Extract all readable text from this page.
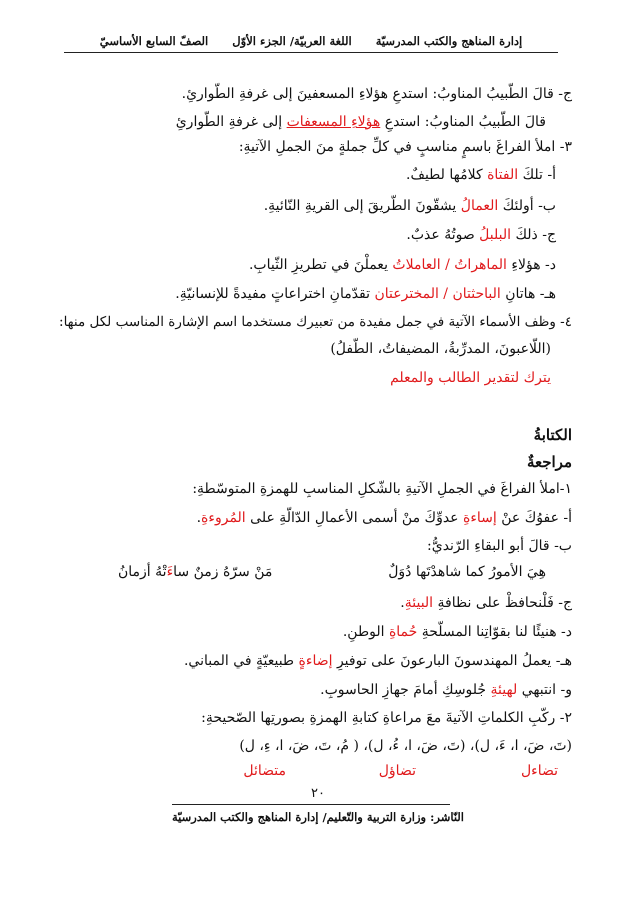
إدارة المناهج والكتب المدرسيّة      اللغة العربيّة/ الجزء الأوّل      الصفّ السابع الأساسيّ
ج- قالَ الطّبيبُ المناوبُ: استدعِ هؤلاءِ المسعفينَ إلى غرفةِ الطّوارئِ.
قالَ الطّبيبُ المناوبُ: استدعِ هؤلاءِ المسعفات إلى غرفةِ الطّوارئِ
٣- املأ الفراغَ باسمٍ مناسبٍ في كلِّ جملةٍ منَ الجملِ الآتيةِ:
أ- تلكَ الفتاة كلامُها لطيفٌ.
ب- أولئكَ العمالُ يشقّونَ الطّريقَ إلى القريةِ النّائيةِ.
ج- ذلكَ البلبلُ صوتُهُ عذبٌ.
د- هؤلاءِ الماهراتُ / العاملاتُ يعملْنَ في تطريزِ الثّيابِ.
هـ- هاتانِ الباحثتان / المخترعتان تقدّمانِ اختراعاتٍ مفيدةً للإنسانيّةِ.
٤- وظف الأسماء الآتية في جمل مفيدة من تعبيرك مستخدما اسم الإشارة المناسب لكل منها:
(اللّاعبونَ، المدرِّبةُ، المضيفاتُ، الطّفلُ)
يترك لتقدير الطالب والمعلم
الكتابةُ
مراجعةٌ
١-املأ الفراغَ في الجملِ الآتيةِ بالشّكلِ المناسبِ للهمزةِ المتوسّطةِ:
أ- عفوُكَ عنْ إساءةِ عدوِّكَ منْ أسمى الأعمالِ الدّالّةِ على المُروءةِ.
ب- قالَ أبو البقاءِ الرّنديُّ:
هِيَ الأمورُ كما شاهدْتَها دُوَلٌ
مَنْ سرّهُ زمنٌ ساءَتْهُ أزمانُ
ج- فَلْنحافظْ على نظافةِ البيئةِ.
د- هنيئًا لنا بقوّاتِنا المسلّحةِ حُماةِ الوطنِ.
هـ- يعملُ المهندسونَ البارعونَ على توفيرِ إضاءةٍ طبيعيّةٍ في المباني.
و- انتبهي لهيئةِ جُلوسِكِ أمامَ جهازِ الحاسوبِ.
٢- ركّبِ الكلماتِ الآتيةَ معَ مراعاةِ كتابةِ الهمزةِ بصورتِها الصّحيحةِ:
(تَ، ضَ، ا، ءَ، ل)، (تَ، ضَ، ا، ءُ، ل)، ( مُ، تَ، ضَ، ا، ءِ، ل)
تضاءل
تضاؤل
متضائل
٢٠
النّاشر: وزارة التربية والتّعليم/ إدارة المناهج والكتب المدرسيّة
